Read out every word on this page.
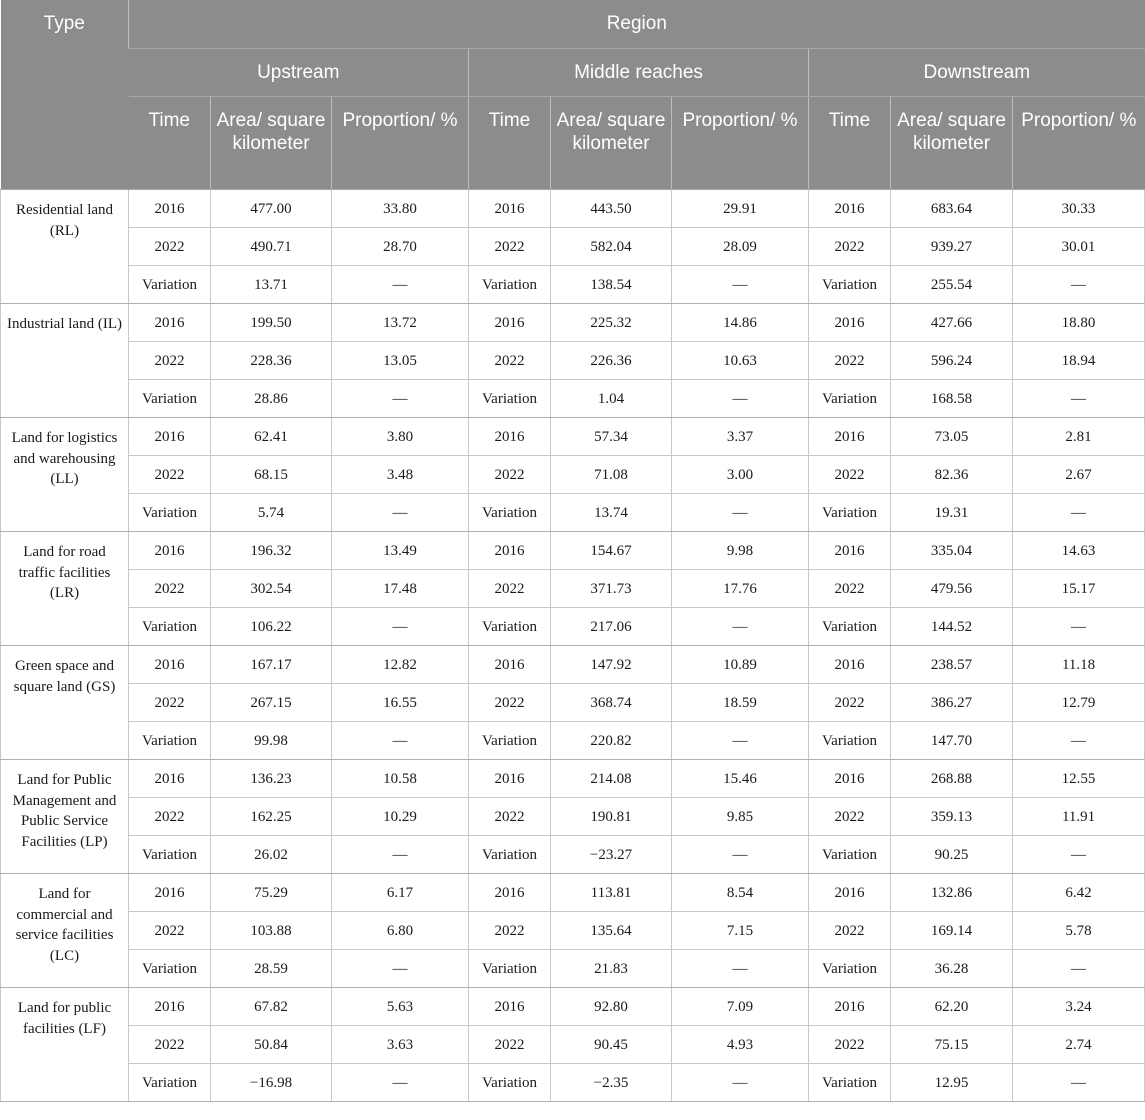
Type	Region								
	Upstream			Middle reaches			Downstream		
	Time	Area/ square kilometer	Proportion/ %	Time	Area/ square kilometer	Proportion/ %	Time	Area/ square kilometer	Proportion/ %
Residential land (RL)	2016	477.00	33.80	2016	443.50	29.91	2016	683.64	30.33
	2022	490.71	28.70	2022	582.04	28.09	2022	939.27	30.01
	Variation	13.71	—	Variation	138.54	—	Variation	255.54	—
Industrial land (IL)	2016	199.50	13.72	2016	225.32	14.86	2016	427.66	18.80
	2022	228.36	13.05	2022	226.36	10.63	2022	596.24	18.94
	Variation	28.86	—	Variation	1.04	—	Variation	168.58	—
Land for logistics and warehousing (LL)	2016	62.41	3.80	2016	57.34	3.37	2016	73.05	2.81
	2022	68.15	3.48	2022	71.08	3.00	2022	82.36	2.67
	Variation	5.74	—	Variation	13.74	—	Variation	19.31	—
Land for road traffic facilities (LR)	2016	196.32	13.49	2016	154.67	9.98	2016	335.04	14.63
	2022	302.54	17.48	2022	371.73	17.76	2022	479.56	15.17
	Variation	106.22	—	Variation	217.06	—	Variation	144.52	—
Green space and square land (GS)	2016	167.17	12.82	2016	147.92	10.89	2016	238.57	11.18
	2022	267.15	16.55	2022	368.74	18.59	2022	386.27	12.79
	Variation	99.98	—	Variation	220.82	—	Variation	147.70	—
Land for Public Management and Public Service Facilities (LP)	2016	136.23	10.58	2016	214.08	15.46	2016	268.88	12.55
	2022	162.25	10.29	2022	190.81	9.85	2022	359.13	11.91
	Variation	26.02	—	Variation	−23.27	—	Variation	90.25	—
Land for commercial and service facilities (LC)	2016	75.29	6.17	2016	113.81	8.54	2016	132.86	6.42
	2022	103.88	6.80	2022	135.64	7.15	2022	169.14	5.78
	Variation	28.59	—	Variation	21.83	—	Variation	36.28	—
Land for public facilities (LF)	2016	67.82	5.63	2016	92.80	7.09	2016	62.20	3.24
	2022	50.84	3.63	2022	90.45	4.93	2022	75.15	2.74
	Variation	−16.98	—	Variation	−2.35	—	Variation	12.95	—
